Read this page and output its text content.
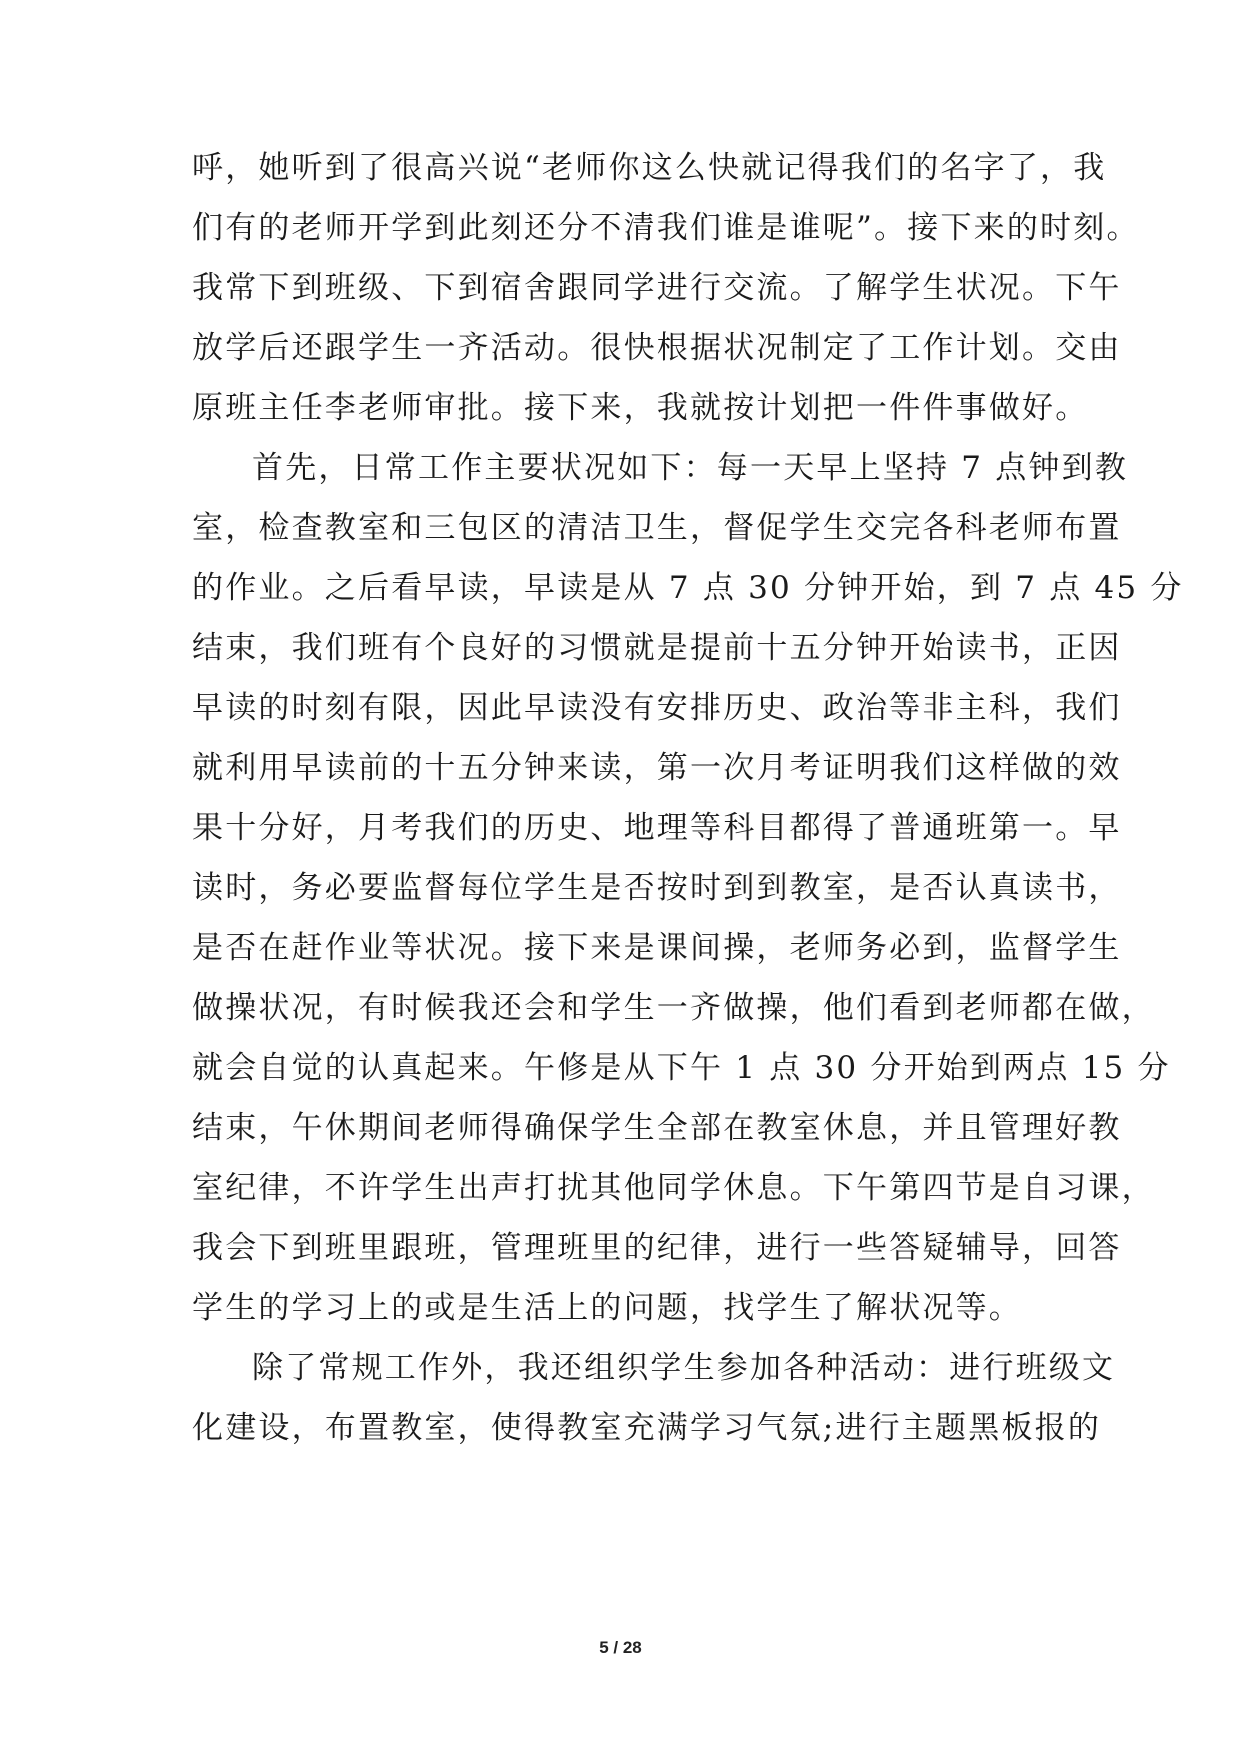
呼，她听到了很高兴说“老师你这么快就记得我们的名字了，我
们有的老师开学到此刻还分不清我们谁是谁呢”。接下来的时刻。
我常下到班级、下到宿舍跟同学进行交流。了解学生状况。下午
放学后还跟学生一齐活动。很快根据状况制定了工作计划。交由
原班主任李老师审批。接下来，我就按计划把一件件事做好。
首先，日常工作主要状况如下：每一天早上坚持 7 点钟到教
室，检查教室和三包区的清洁卫生，督促学生交完各科老师布置
的作业。之后看早读，早读是从 7 点 30 分钟开始，到 7 点 45 分
结束，我们班有个良好的习惯就是提前十五分钟开始读书，正因
早读的时刻有限，因此早读没有安排历史、政治等非主科，我们
就利用早读前的十五分钟来读，第一次月考证明我们这样做的效
果十分好，月考我们的历史、地理等科目都得了普通班第一。早
读时，务必要监督每位学生是否按时到到教室，是否认真读书，
是否在赶作业等状况。接下来是课间操，老师务必到，监督学生
做操状况，有时候我还会和学生一齐做操，他们看到老师都在做，
就会自觉的认真起来。午修是从下午 1 点 30 分开始到两点 15 分
结束，午休期间老师得确保学生全部在教室休息，并且管理好教
室纪律，不许学生出声打扰其他同学休息。下午第四节是自习课，
我会下到班里跟班，管理班里的纪律，进行一些答疑辅导，回答
学生的学习上的或是生活上的问题，找学生了解状况等。
除了常规工作外，我还组织学生参加各种活动：进行班级文
化建设，布置教室，使得教室充满学习气氛;进行主题黑板报的
5 / 28
